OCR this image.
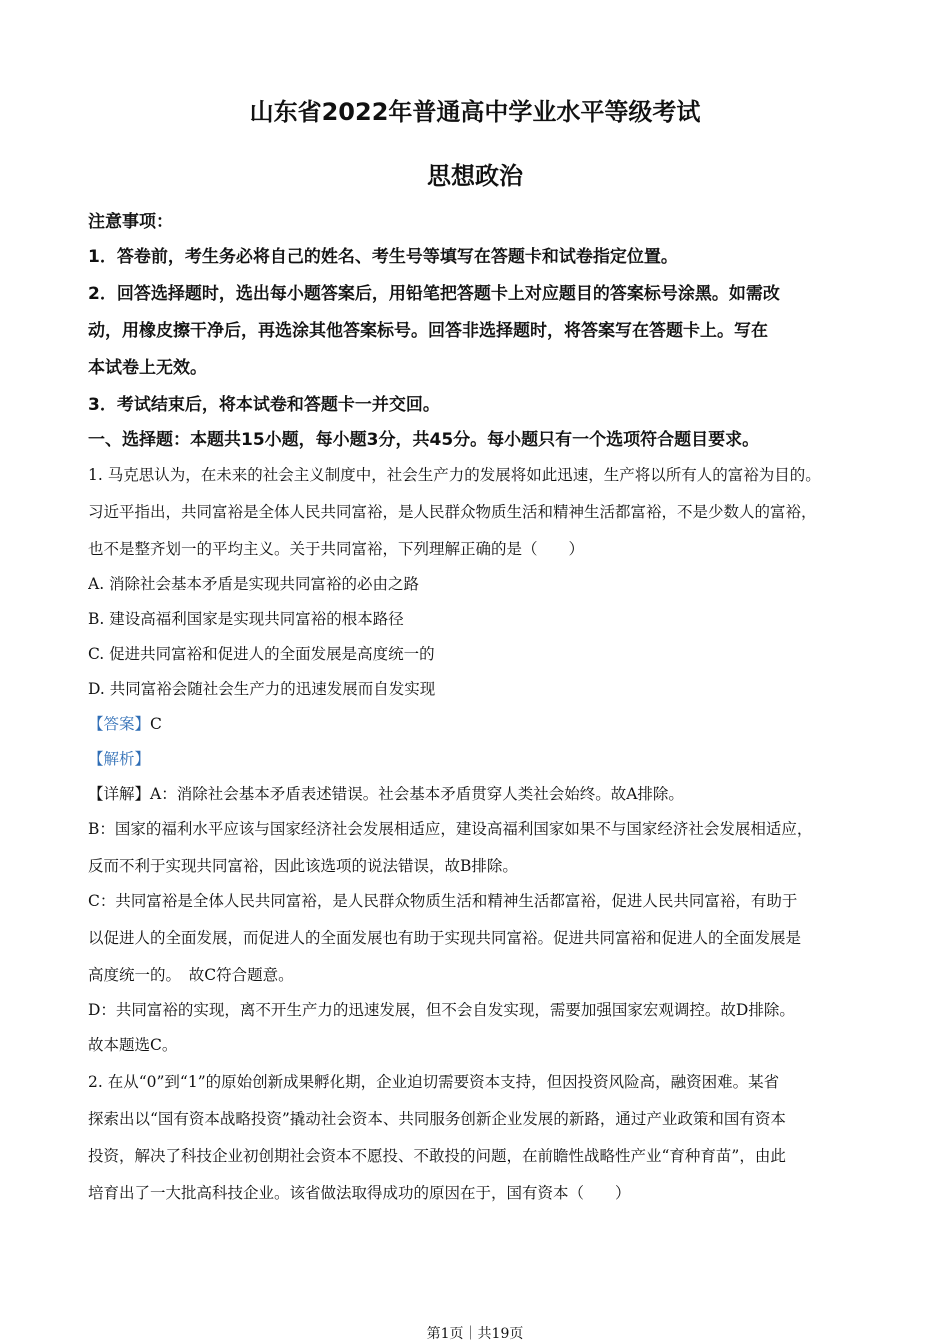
山东省2022年普通高中学业水平等级考试
思想政治
注意事项：
1．答卷前，考生务必将自己的姓名、考生号等填写在答题卡和试卷指定位置。
2．回答选择题时，选出每小题答案后，用铅笔把答题卡上对应题目的答案标号涂黑。如需改
动，用橡皮擦干净后，再选涂其他答案标号。回答非选择题时，将答案写在答题卡上。写在
本试卷上无效。
3．考试结束后，将本试卷和答题卡一并交回。
一、选择题：本题共15小题，每小题3分，共45分。每小题只有一个选项符合题目要求。
1. 马克思认为，在未来的社会主义制度中，社会生产力的发展将如此迅速，生产将以所有人的富裕为目的。
习近平指出，共同富裕是全体人民共同富裕，是人民群众物质生活和精神生活都富裕，不是少数人的富裕，
也不是整齐划一的平均主义。关于共同富裕，下列理解正确的是（　　）
A. 消除社会基本矛盾是实现共同富裕的必由之路
B. 建设高福利国家是实现共同富裕的根本路径
C. 促进共同富裕和促进人的全面发展是高度统一的
D. 共同富裕会随社会生产力的迅速发展而自发实现
【答案】C
【解析】
【详解】A：消除社会基本矛盾表述错误。社会基本矛盾贯穿人类社会始终。故A排除。
B：国家的福利水平应该与国家经济社会发展相适应，建设高福利国家如果不与国家经济社会发展相适应，
反而不利于实现共同富裕，因此该选项的说法错误，故B排除。
C：共同富裕是全体人民共同富裕，是人民群众物质生活和精神生活都富裕，促进人民共同富裕，有助于
以促进人的全面发展，而促进人的全面发展也有助于实现共同富裕。促进共同富裕和促进人的全面发展是
高度统一的。　故C符合题意。
D：共同富裕的实现，离不开生产力的迅速发展，但不会自发实现，需要加强国家宏观调控。故D排除。
故本题选C。
2. 在从“0”到“1”的原始创新成果孵化期，企业迫切需要资本支持，但因投资风险高，融资困难。某省
探索出以“国有资本战略投资”撬动社会资本、共同服务创新企业发展的新路，通过产业政策和国有资本
投资，解决了科技企业初创期社会资本不愿投、不敢投的问题，在前瞻性战略性产业“育种育苗”，由此
培育出了一大批高科技企业。该省做法取得成功的原因在于，国有资本（　　）
第1页｜共19页
